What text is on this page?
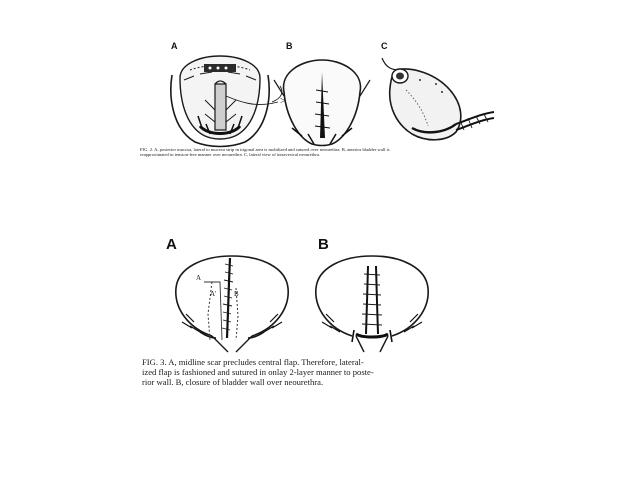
A	B	C
>
FIG. 2. A, posterior mucosa, lateral to mucosa strip in trigonal area is mobilized and sutured over neourethra. B, anterior bladder wall is
reapproximated in tension-free manner over neourethra. C, lateral view of intravesical neourethra.
A	B
A
A'	B
FIG. 3. A, midline scar precludes central flap. Therefore, lateral-
ized flap is fashioned and sutured in onlay 2-layer manner to poste-
rior wall. B, closure of bladder wall over neourethra.
